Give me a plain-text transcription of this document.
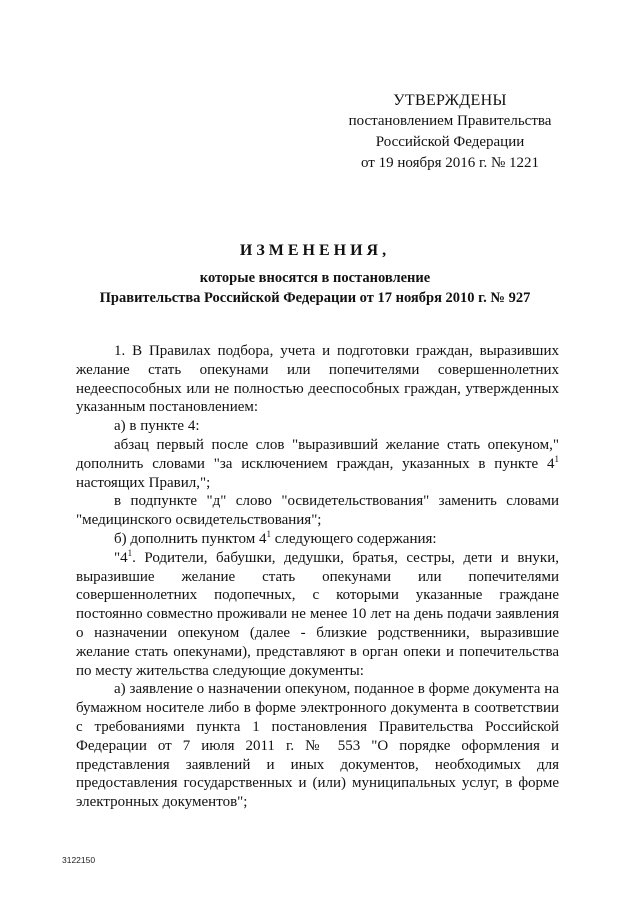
УТВЕРЖДЕНЫ
постановлением Правительства
Российской Федерации
от 19 ноября 2016 г. № 1221
ИЗМЕНЕНИЯ,
которые вносятся в постановление
Правительства Российской Федерации от 17 ноября 2010 г. № 927

1. В Правилах подбора, учета и подготовки граждан, выразивших желание стать опекунами или попечителями совершеннолетних недееспособных или не полностью дееспособных граждан, утвержденных указанным постановлением:

а) в пункте 4:

абзац первый после слов "выразивший желание стать опекуном," дополнить словами "за исключением граждан, указанных в пункте $4^1$ настоящих Правил,";

в подпункте "д" слово "освидетельствования" заменить словами "медицинского освидетельствования";

б) дополнить пунктом $4^1$ следующего содержания:

"$4^1$. Родители, бабушки, дедушки, братья, сестры, дети и внуки, выразившие желание стать опекунами или попечителями совершеннолетних подопечных, с которыми указанные граждане постоянно совместно проживали не менее 10 лет на день подачи заявления о назначении опекуном (далее - близкие родственники, выразившие желание стать опекунами), представляют в орган опеки и попечительства по месту жительства следующие документы:

а) заявление о назначении опекуном, поданное в форме документа на бумажном носителе либо в форме электронного документа в соответствии с требованиями пункта 1 постановления Правительства Российской Федерации от 7 июля 2011 г. № 553 "О порядке оформления и представления заявлений и иных документов, необходимых для предоставления государственных и (или) муниципальных услуг, в форме электронных документов";

3122150
